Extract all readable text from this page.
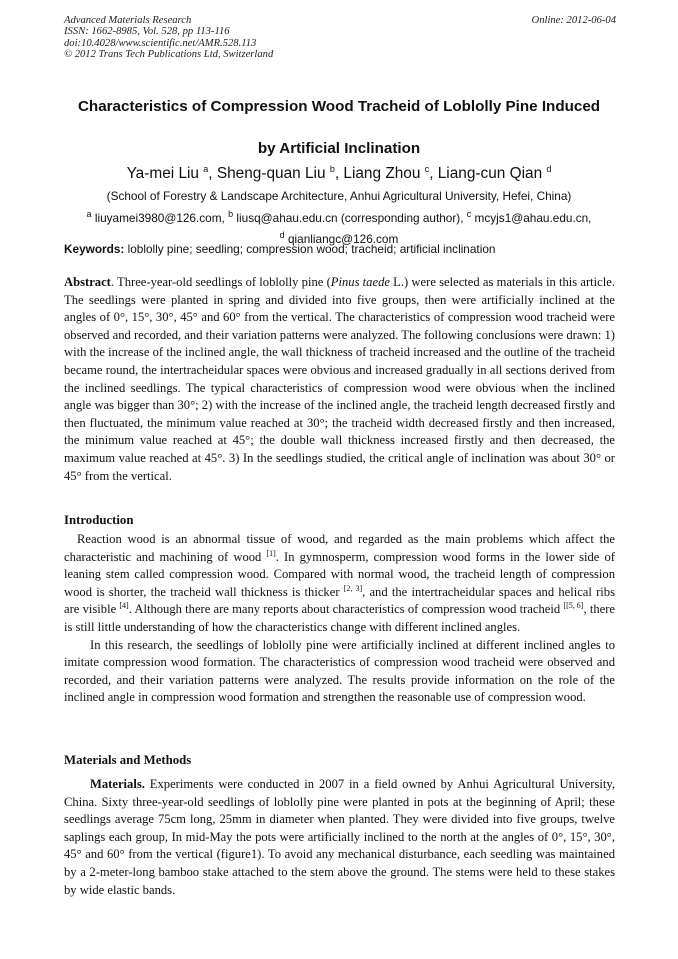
Advanced Materials Research
ISSN: 1662-8985, Vol. 528, pp 113-116
doi:10.4028/www.scientific.net/AMR.528.113
© 2012 Trans Tech Publications Ltd, Switzerland
Online: 2012-06-04
Characteristics of Compression Wood Tracheid of Loblolly Pine Induced
by Artificial Inclination
Ya-mei Liu $^a$, Sheng-quan Liu $^b$, Liang Zhou $^c$, Liang-cun Qian $^d$
(School of Forestry & Landscape Architecture, Anhui Agricultural University, Hefei, China)
$^a$ liuyamei3980@126.com, $^b$ liusq@ahau.edu.cn (corresponding author), $^c$ mcyjs1@ahau.edu.cn,
$^d$ qianliangc@126.com
Keywords: loblolly pine; seedling; compression wood; tracheid; artificial inclination

Abstract. Three-year-old seedlings of loblolly pine (Pinus taede L.) were selected as materials in this article. The seedlings were planted in spring and divided into five groups, then were artificially inclined at the angles of 0°, 15°, 30°, 45° and 60° from the vertical. The characteristics of compression wood tracheid were observed and recorded, and their variation patterns were analyzed. The following conclusions were drawn: 1) with the increase of the inclined angle, the wall thickness of tracheid increased and the outline of the tracheid became round, the intertracheidular spaces were obvious and increased gradually in all sections derived from the inclined seedlings. The typical characteristics of compression wood were obvious when the inclined angle was bigger than 30°; 2) with the increase of the inclined angle, the tracheid length decreased firstly and then fluctuated, the minimum value reached at 30°; the tracheid width decreased firstly and then increased, the minimum value reached at 45°; the double wall thickness increased firstly and then decreased, the maximum value reached at 45°. 3) In the seedlings studied, the critical angle of inclination was about 30° or 45° from the vertical.

Introduction

Reaction wood is an abnormal tissue of wood, and regarded as the main problems which affect the characteristic and machining of wood [1]. In gymnosperm, compression wood forms in the lower side of leaning stem called compression wood. Compared with normal wood, the tracheid length of compression wood is shorter, the tracheid wall thickness is thicker [2, 3], and the intertracheidular spaces and helical ribs are visible [4]. Although there are many reports about characteristics of compression wood tracheid [[5, 6], there is still little understanding of how the characteristics change with different inclined angles.

In this research, the seedlings of loblolly pine were artificially inclined at different inclined angles to imitate compression wood formation. The characteristics of compression wood tracheid were observed and recorded, and their variation patterns were analyzed. The results provide information on the role of the inclined angle in compression wood formation and strengthen the reasonable use of compression wood.

Materials and Methods

Materials. Experiments were conducted in 2007 in a field owned by Anhui Agricultural University, China. Sixty three-year-old seedlings of loblolly pine were planted in pots at the beginning of April; these seedlings average 75cm long, 25mm in diameter when planted. They were divided into five groups, twelve saplings each group, In mid-May the pots were artificially inclined to the north at the angles of 0°, 15°, 30°, 45° and 60° from the vertical (figure1). To avoid any mechanical disturbance, each seedling was maintained by a 2-meter-long bamboo stake attached to the stem above the ground. The stems were held to these stakes by wide elastic bands.
